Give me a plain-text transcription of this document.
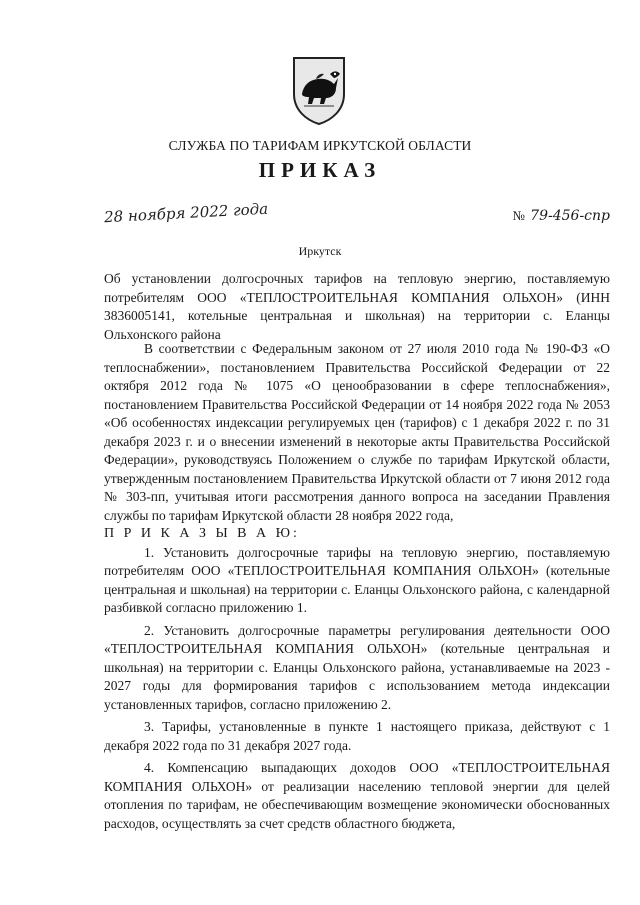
СЛУЖБА ПО ТАРИФАМ ИРКУТСКОЙ ОБЛАСТИ
ПРИКАЗ
28 ноября 2022 года	№ 79-456-спр
Иркутск
Об установлении долгосрочных тарифов на тепловую энергию, поставляемую потребителям ООО «ТЕПЛОСТРОИТЕЛЬНАЯ КОМПАНИЯ ОЛЬХОН» (ИНН 3836005141, котельные центральная и школьная) на территории с. Еланцы Ольхонского района

В соответствии с Федеральным законом от 27 июля 2010 года № 190-ФЗ «О теплоснабжении», постановлением Правительства Российской Федерации от 22 октября 2012 года № 1075 «О ценообразовании в сфере теплоснабжения», постановлением Правительства Российской Федерации от 14 ноября 2022 года № 2053 «Об особенностях индексации регулируемых цен (тарифов) с 1 декабря 2022 г. по 31 декабря 2023 г. и о внесении изменений в некоторые акты Правительства Российской Федерации», руководствуясь Положением о службе по тарифам Иркутской области, утвержденным постановлением Правительства Иркутской области от 7 июня 2012 года № 303-пп, учитывая итоги рассмотрения данного вопроса на заседании Правления службы по тарифам Иркутской области 28 ноября 2022 года,

П Р И К А З Ы В А Ю:

1. Установить долгосрочные тарифы на тепловую энергию, поставляемую потребителям ООО «ТЕПЛОСТРОИТЕЛЬНАЯ КОМПАНИЯ ОЛЬХОН» (котельные центральная и школьная) на территории с. Еланцы Ольхонского района, с календарной разбивкой согласно приложению 1.

2. Установить долгосрочные параметры регулирования деятельности ООО «ТЕПЛОСТРОИТЕЛЬНАЯ КОМПАНИЯ ОЛЬХОН» (котельные центральная и школьная) на территории с. Еланцы Ольхонского района, устанавливаемые на 2023 - 2027 годы для формирования тарифов с использованием метода индексации установленных тарифов, согласно приложению 2.

3. Тарифы, установленные в пункте 1 настоящего приказа, действуют с 1 декабря 2022 года по 31 декабря 2027 года.

4. Компенсацию выпадающих доходов ООО «ТЕПЛОСТРОИТЕЛЬНАЯ КОМПАНИЯ ОЛЬХОН» от реализации населению тепловой энергии для целей отопления по тарифам, не обеспечивающим возмещение экономически обоснованных расходов, осуществлять за счет средств областного бюджета,
